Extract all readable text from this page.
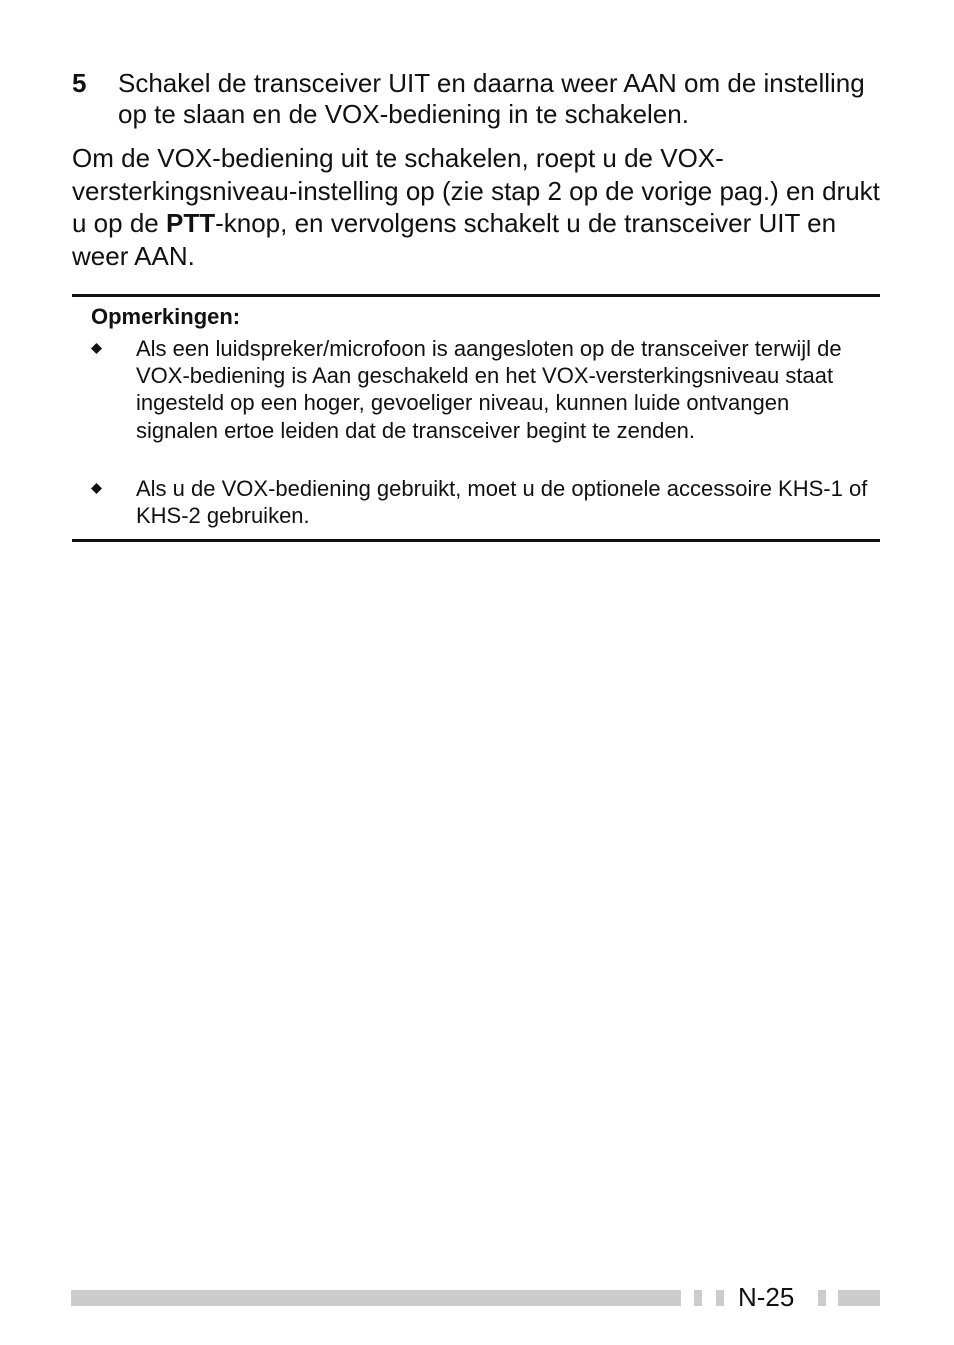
5 Schakel de transceiver UIT en daarna weer AAN om de instelling op te slaan en de VOX-bediening in te schakelen.
Om de VOX-bediening uit te schakelen, roept u de VOX-versterkingsniveau-instelling op (zie stap 2 op de vorige pag.) en drukt u op de PTT-knop, en vervolgens schakelt u de transceiver UIT en weer AAN.
Opmerkingen:
Als een luidspreker/microfoon is aangesloten op de transceiver terwijl de VOX-bediening is Aan geschakeld en het VOX-versterkingsniveau staat ingesteld op een hoger, gevoeliger niveau, kunnen luide ontvangen signalen ertoe leiden dat de transceiver begint te zenden.
Als u de VOX-bediening gebruikt, moet u de optionele accessoire KHS-1 of KHS-2 gebruiken.
N-25
